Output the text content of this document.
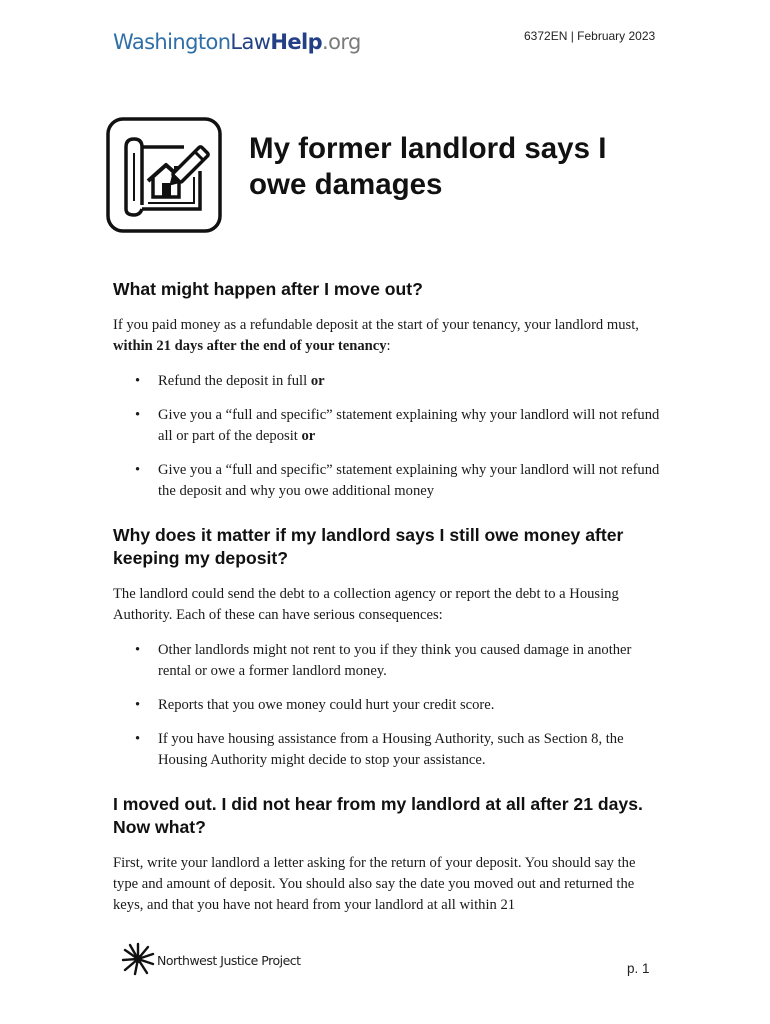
WashingtonLawHelp.org	6372EN | February 2023
My former landlord says I owe damages
What might happen after I move out?

If you paid money as a refundable deposit at the start of your tenancy, your landlord must, within 21 days after the end of your tenancy:

• Refund the deposit in full or
• Give you a “full and specific” statement explaining why your landlord will not refund all or part of the deposit or
• Give you a “full and specific” statement explaining why your landlord will not refund the deposit and why you owe additional money
Why does it matter if my landlord says I still owe money after keeping my deposit?

The landlord could send the debt to a collection agency or report the debt to a Housing Authority. Each of these can have serious consequences:

• Other landlords might not rent to you if they think you caused damage in another rental or owe a former landlord money.
• Reports that you owe money could hurt your credit score.
• If you have housing assistance from a Housing Authority, such as Section 8, the Housing Authority might decide to stop your assistance.
I moved out. I did not hear from my landlord at all after 21 days. Now what?

First, write your landlord a letter asking for the return of your deposit. You should say the type and amount of deposit. You should also say the date you moved out and returned the keys, and that you have not heard from your landlord at all within 21

Northwest Justice Project
p. 1
